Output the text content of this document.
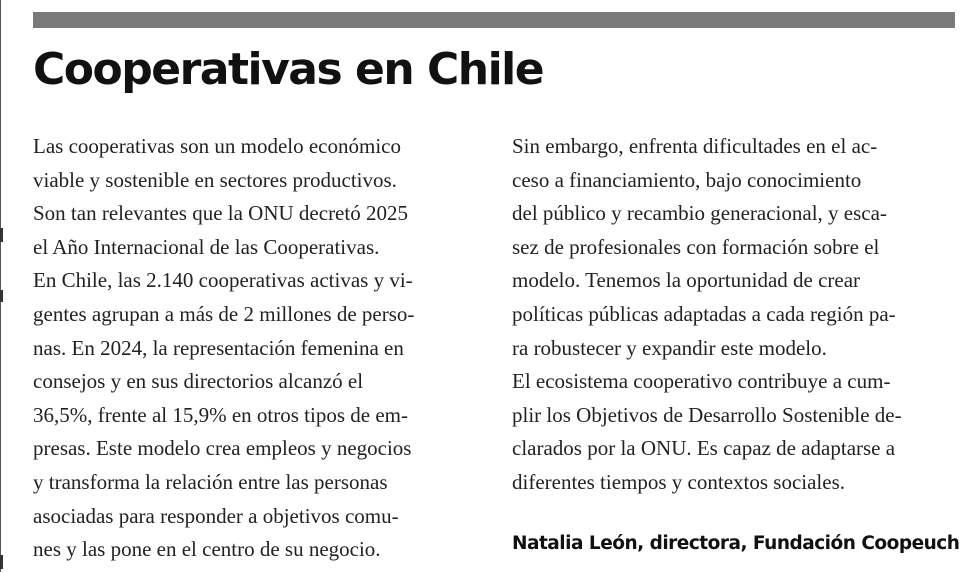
Cooperativas en Chile
Las cooperativas son un modelo económico
viable y sostenible en sectores productivos.
Son tan relevantes que la ONU decretó 2025
el Año Internacional de las Cooperativas.
En Chile, las 2.140 cooperativas activas y vi-
gentes agrupan a más de 2 millones de perso-
nas. En 2024, la representación femenina en
consejos y en sus directorios alcanzó el
36,5%, frente al 15,9% en otros tipos de em-
presas. Este modelo crea empleos y negocios
y transforma la relación entre las personas
asociadas para responder a objetivos comu-
nes y las pone en el centro de su negocio.
Sin embargo, enfrenta dificultades en el ac-
ceso a financiamiento, bajo conocimiento
del público y recambio generacional, y esca-
sez de profesionales con formación sobre el
modelo. Tenemos la oportunidad de crear
políticas públicas adaptadas a cada región pa-
ra robustecer y expandir este modelo.
El ecosistema cooperativo contribuye a cum-
plir los Objetivos de Desarrollo Sostenible de-
clarados por la ONU. Es capaz de adaptarse a
diferentes tiempos y contextos sociales.
Natalia León, directora, Fundación Coopeuch
